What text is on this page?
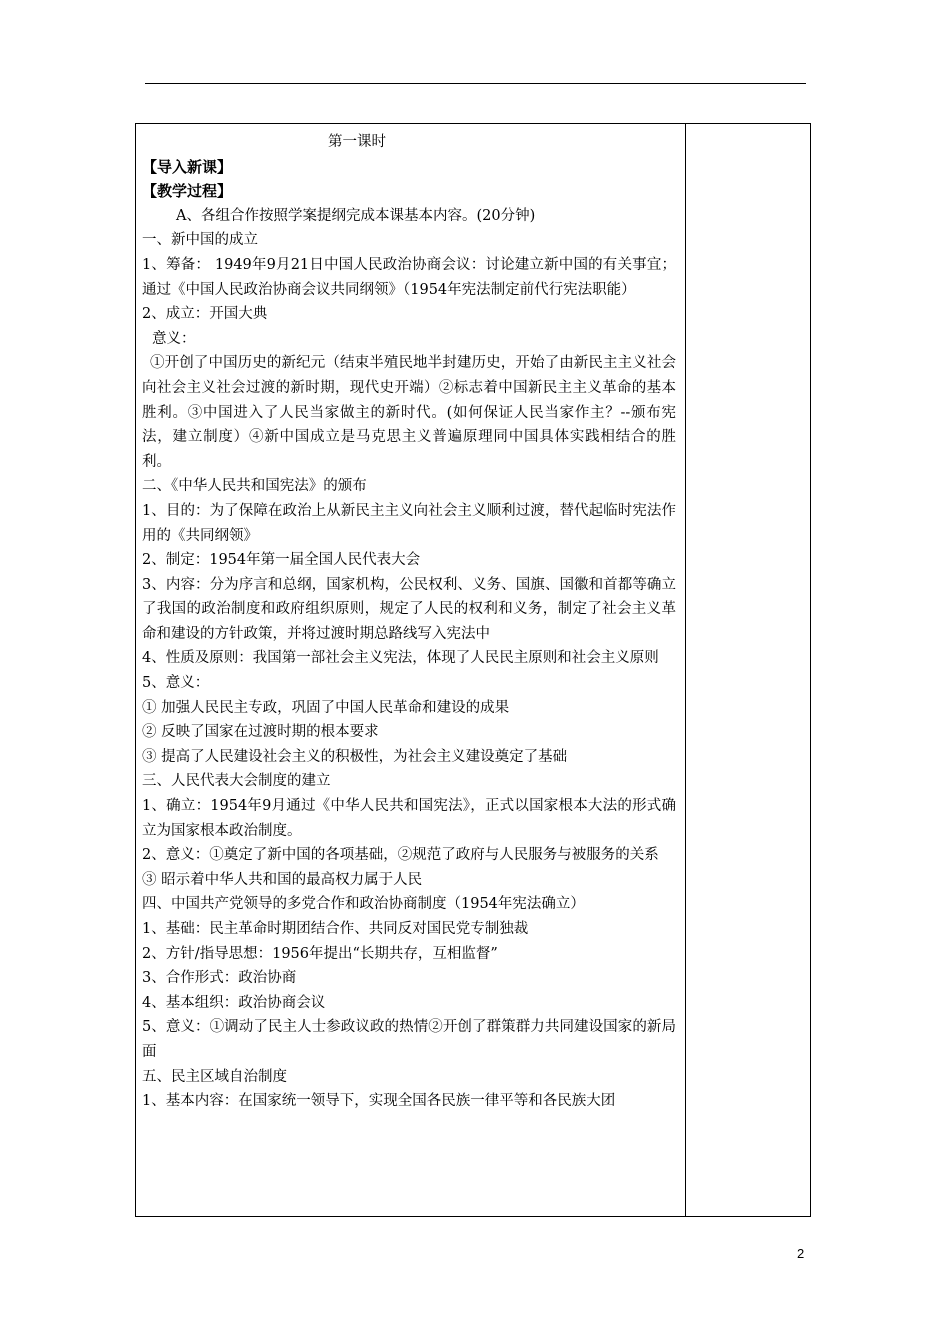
第一课时
【导入新课】
【教学过程】
A、各组合作按照学案提纲完成本课基本内容。(20分钟)
一、新中国的成立
1、筹备： 1949年9月21日中国人民政治协商会议：讨论建立新中国的有关事宜；通过《中国人民政治协商会议共同纲领》（1954年宪法制定前代行宪法职能）
2、成立：开国大典
意义：
①开创了中国历史的新纪元（结束半殖民地半封建历史，开始了由新民主主义社会向社会主义社会过渡的新时期，现代史开端）②标志着中国新民主主义革命的基本胜利。③中国进入了人民当家做主的新时代。(如何保证人民当家作主？--颁布宪法，建立制度）④新中国成立是马克思主义普遍原理同中国具体实践相结合的胜利。
二、《中华人民共和国宪法》的颁布
1、目的：为了保障在政治上从新民主主义向社会主义顺利过渡，替代起临时宪法作用的《共同纲领》
2、制定：1954年第一届全国人民代表大会
3、内容：分为序言和总纲，国家机构，公民权利、义务、国旗、国徽和首都等确立了我国的政治制度和政府组织原则，规定了人民的权利和义务，制定了社会主义革命和建设的方针政策，并将过渡时期总路线写入宪法中
4、性质及原则：我国第一部社会主义宪法，体现了人民民主原则和社会主义原则
5、意义：
① 加强人民民主专政，巩固了中国人民革命和建设的成果
② 反映了国家在过渡时期的根本要求
③ 提高了人民建设社会主义的积极性，为社会主义建设奠定了基础
三、人民代表大会制度的建立
1、确立：1954年9月通过《中华人民共和国宪法》，正式以国家根本大法的形式确立为国家根本政治制度。
2、意义：①奠定了新中国的各项基础，②规范了政府与人民服务与被服务的关系
③ 昭示着中华人共和国的最高权力属于人民
四、中国共产党领导的多党合作和政治协商制度（1954年宪法确立）
1、基础：民主革命时期团结合作、共同反对国民党专制独裁
2、方针/指导思想：1956年提出“长期共存，互相监督”
3、合作形式：政治协商
4、基本组织：政治协商会议
5、意义：①调动了民主人士参政议政的热情②开创了群策群力共同建设国家的新局面
五、民主区域自治制度
1、基本内容：在国家统一领导下，实现全国各民族一律平等和各民族大团
2
